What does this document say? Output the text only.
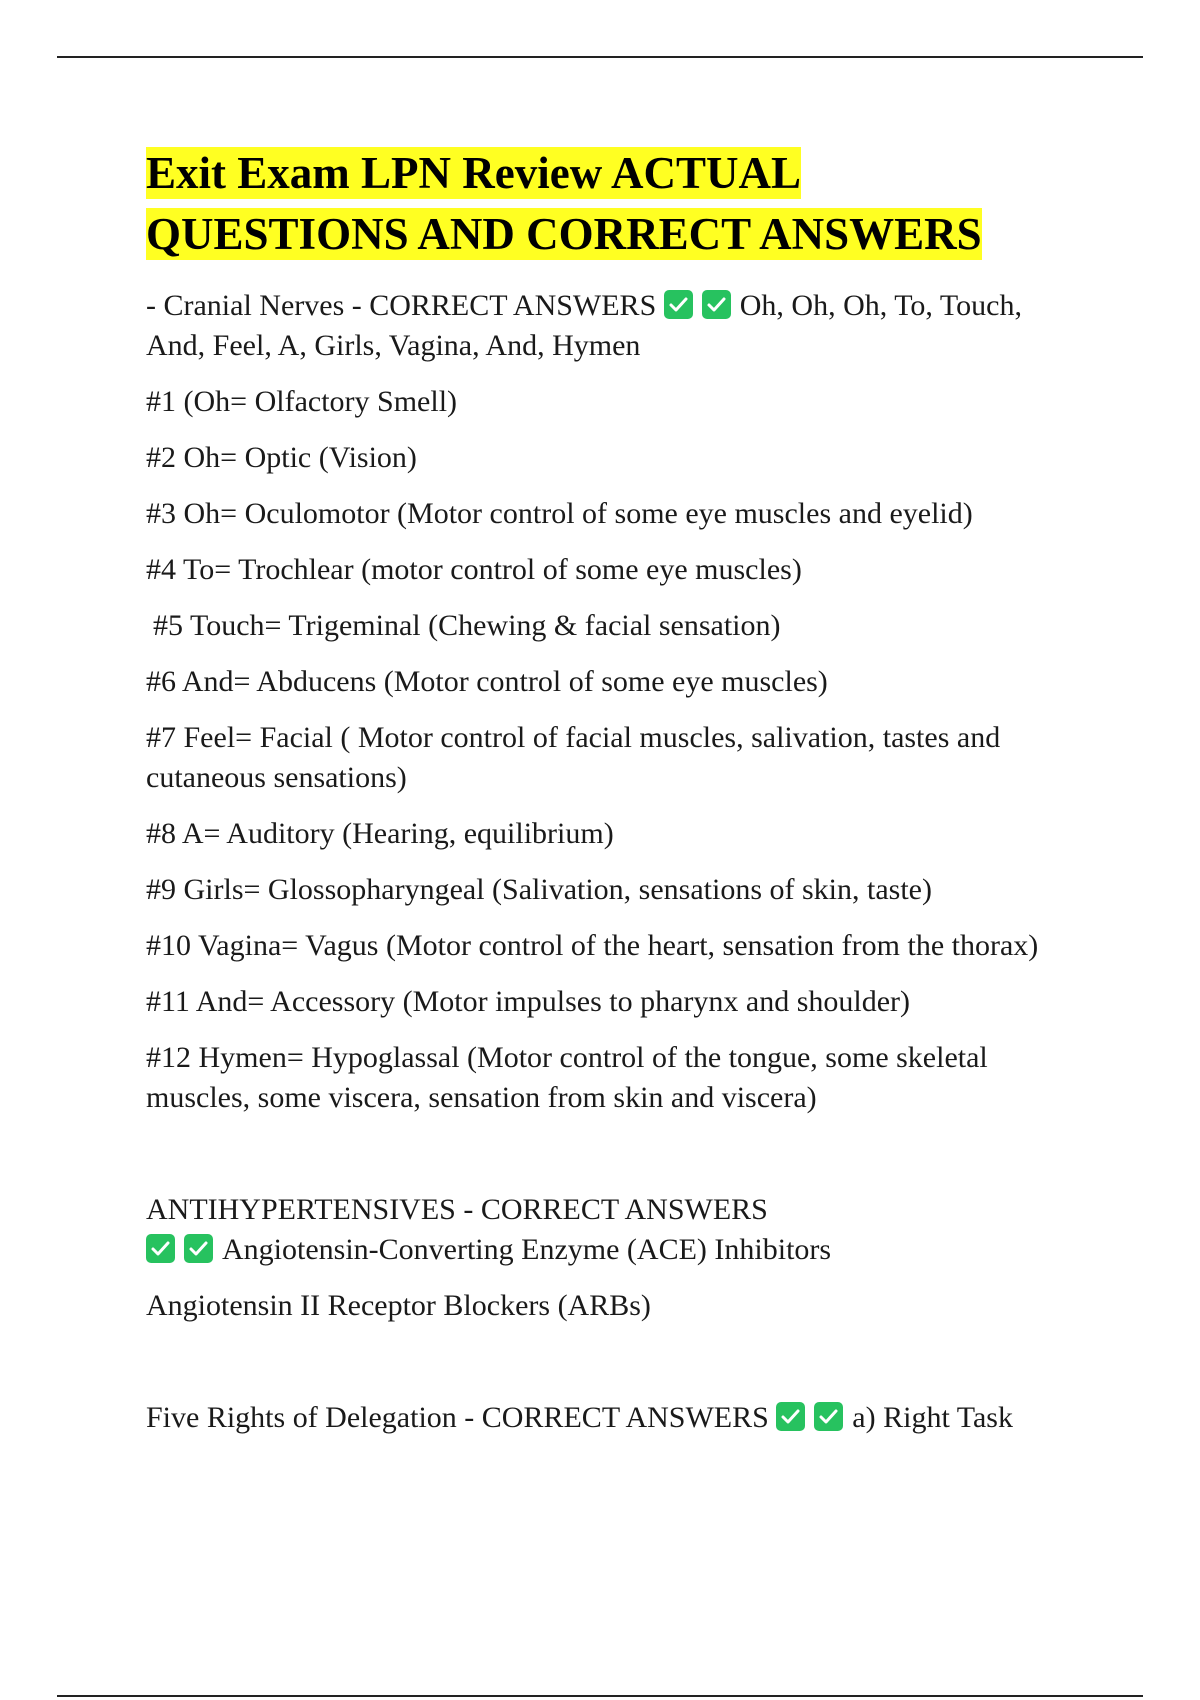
Exit Exam LPN Review ACTUAL
QUESTIONS AND CORRECT ANSWERS

- Cranial Nerves - CORRECT ANSWERS	Oh, Oh, Oh, To, Touch, And, Feel, A, Girls, Vagina, And, Hymen

#1 (Oh= Olfactory Smell)

#2 Oh= Optic (Vision)

#3 Oh= Oculomotor (Motor control of some eye muscles and eyelid)

#4 To= Trochlear (motor control of some eye muscles)

#5 Touch= Trigeminal (Chewing & facial sensation)

#6 And= Abducens (Motor control of some eye muscles)

#7 Feel= Facial ( Motor control of facial muscles, salivation, tastes and cutaneous sensations)

#8 A= Auditory (Hearing, equilibrium)

#9 Girls= Glossopharyngeal (Salivation, sensations of skin, taste)

#10 Vagina= Vagus (Motor control of the heart, sensation from the thorax)

#11 And= Accessory (Motor impulses to pharynx and shoulder)

#12 Hymen= Hypoglassal (Motor control of the tongue, some skeletal muscles, some viscera, sensation from skin and viscera)

ANTIHYPERTENSIVES - CORRECT ANSWERS

Angiotensin-Converting Enzyme (ACE) Inhibitors

Angiotensin II Receptor Blockers (ARBs)

Five Rights of Delegation - CORRECT ANSWERS	a) Right Task
